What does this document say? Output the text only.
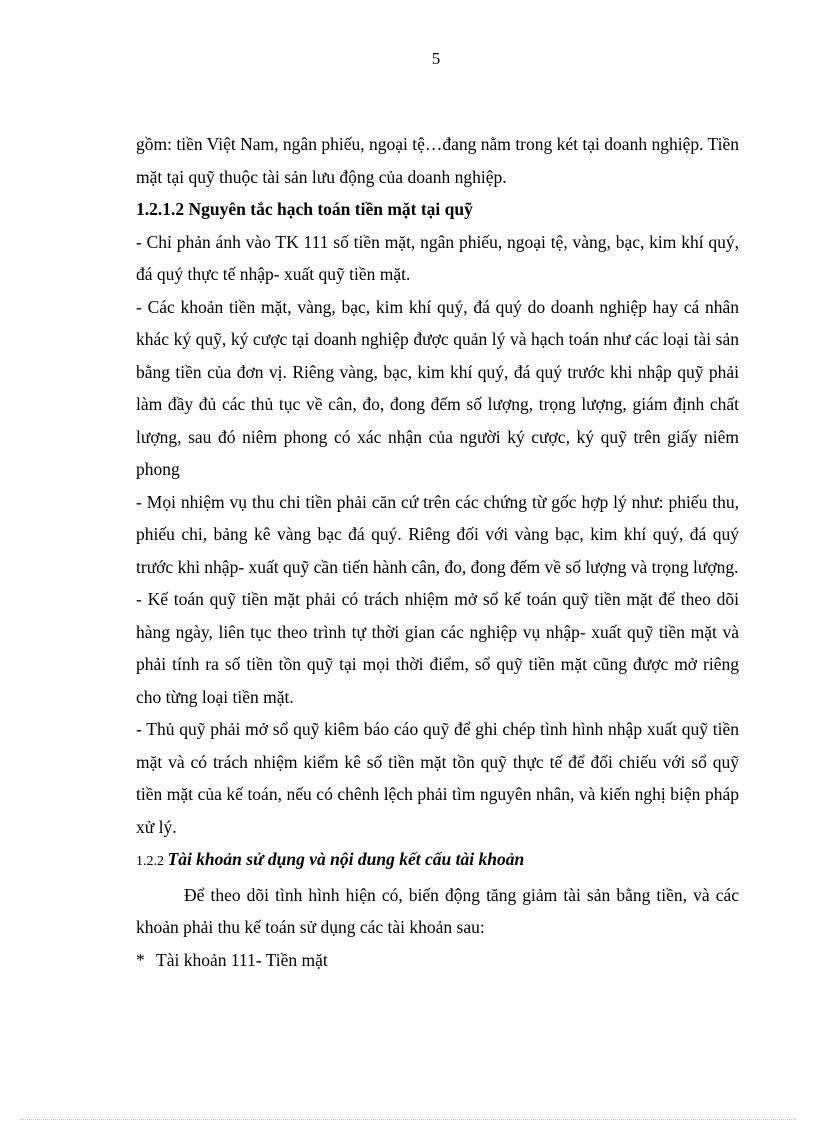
5

gồm: tiền Việt Nam, ngân phiếu, ngoại tệ…đang nằm trong két tại doanh nghiệp. Tiền mặt tại quỹ thuộc tài sản lưu động của doanh nghiệp.

1.2.1.2 Nguyên tắc hạch toán tiền mặt tại quỹ

- Chỉ phản ánh vào TK 111 số tiền mặt, ngân phiếu, ngoại tệ, vàng, bạc, kim khí quý, đá quý thực tế nhập- xuất quỹ tiền mặt.

- Các khoản tiền mặt, vàng, bạc, kim khí quý, đá quý do doanh nghiệp hay cá nhân khác ký quỹ, ký cược tại doanh nghiệp được quản lý và hạch toán như các loại tài sản bằng tiền của đơn vị. Riêng vàng, bạc, kim khí quý, đá quý trước khi nhập quỹ phải làm đầy đủ các thủ tục về cân, đo, đong đếm số lượng, trọng lượng, giám định chất lượng, sau đó niêm phong có xác nhận của người ký cược, ký quỹ trên giấy niêm phong

- Mọi nhiệm vụ thu chi tiền phải căn cứ trên các chứng từ gốc hợp lý như: phiếu thu, phiếu chi, bảng kê vàng bạc đá quý. Riêng đối với vàng bạc, kim khí quý, đá quý trước khi nhập- xuất quỹ cần tiến hành cân, đo, đong đếm về số lượng và trọng lượng.

- Kế toán quỹ tiền mặt phải có trách nhiệm mở sổ kế toán quỹ tiền mặt để theo dõi hàng ngày, liên tục theo trình tự thời gian các nghiệp vụ nhập- xuất quỹ tiền mặt và phải tính ra số tiền tồn quỹ tại mọi thời điểm, sổ quỹ tiền mặt cũng được mở riêng cho từng loại tiền mặt.

- Thủ quỹ phải mở sổ quỹ kiêm báo cáo quỹ để ghi chép tình hình nhập xuất quỹ tiền mặt và có trách nhiệm kiểm kê số tiền mặt tồn quỹ thực tế để đối chiếu với sổ quỹ tiền mặt của kế toán, nếu có chênh lệch phải tìm nguyên nhân, và kiến nghị biện pháp xử lý.

1.2.2 Tài khoản sử dụng và nội dung kết cấu tài khoản

Để theo dõi tình hình hiện có, biến động tăng giảm tài sản bằng tiền, và các khoản phải thu kế toán sử dụng các tài khoản sau:

* Tài khoản 111- Tiền mặt
